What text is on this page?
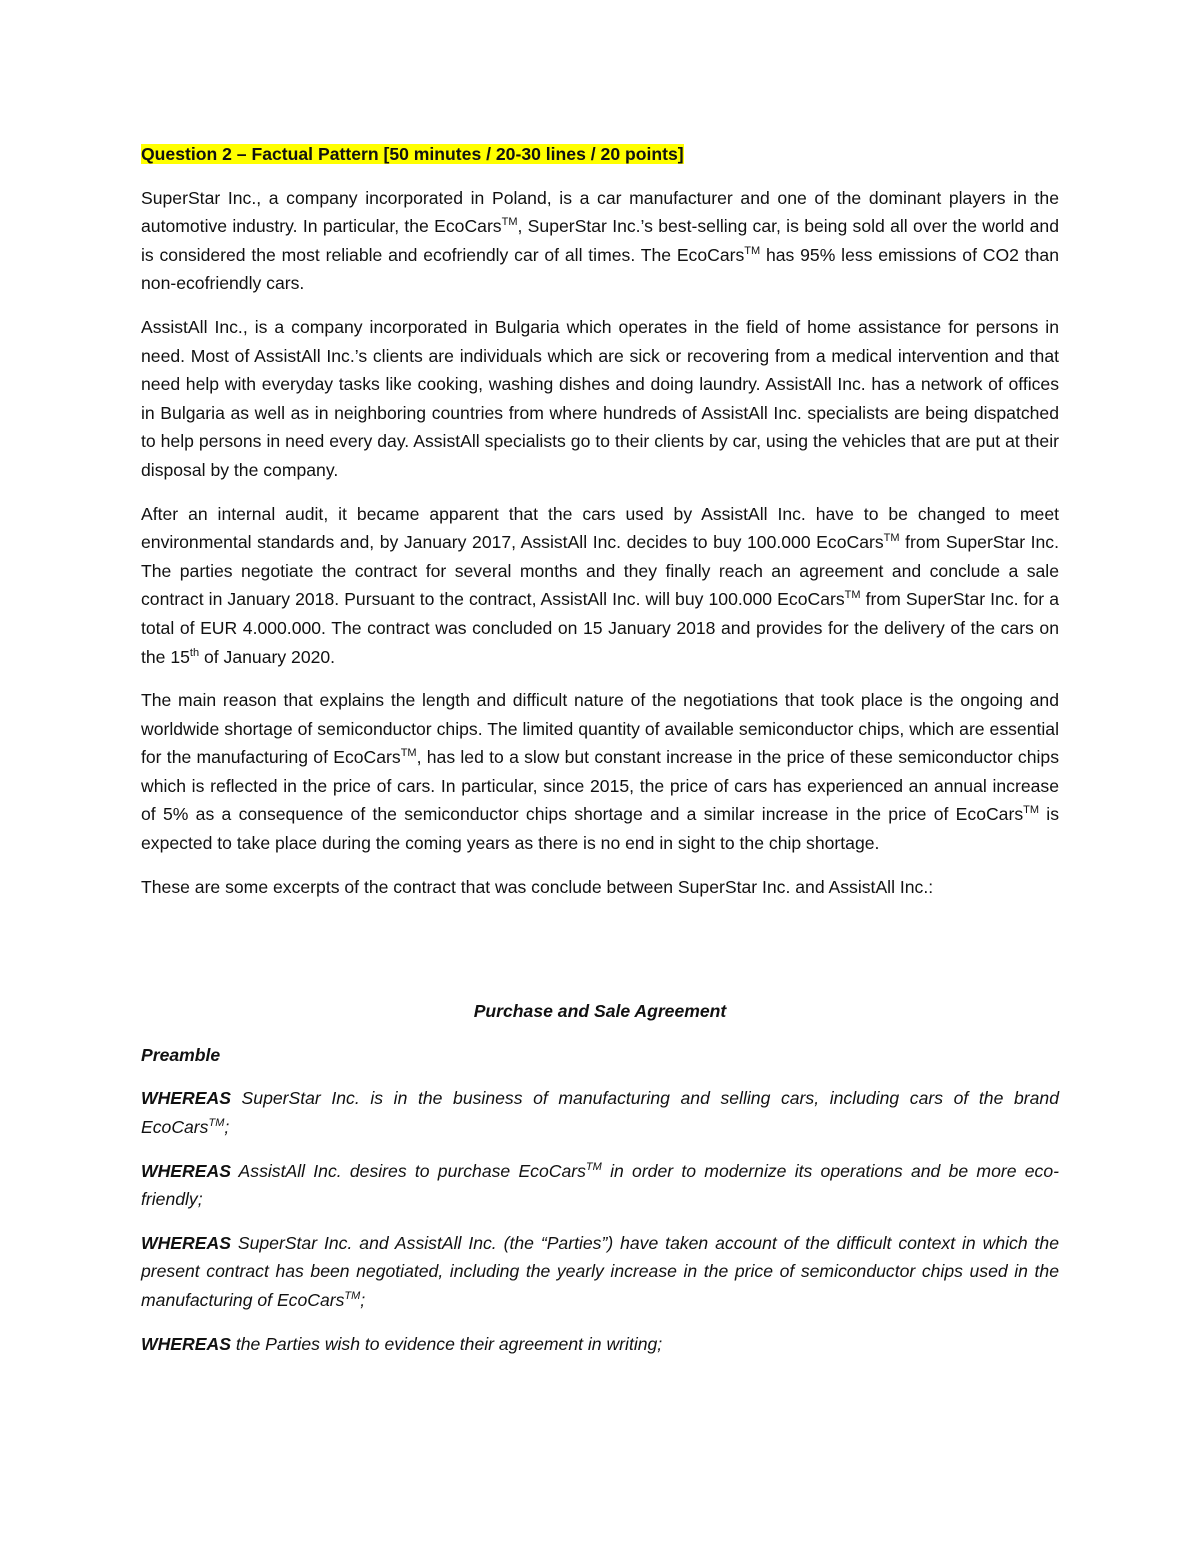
Question 2 – Factual Pattern [50 minutes / 20-30 lines / 20 points]

SuperStar Inc., a company incorporated in Poland, is a car manufacturer and one of the dominant players in the automotive industry. In particular, the EcoCars™, SuperStar Inc.’s best-selling car, is being sold all over the world and is considered the most reliable and ecofriendly car of all times. The EcoCars™ has 95% less emissions of CO2 than non-ecofriendly cars.

AssistAll Inc., is a company incorporated in Bulgaria which operates in the field of home assistance for persons in need. Most of AssistAll Inc.’s clients are individuals which are sick or recovering from a medical intervention and that need help with everyday tasks like cooking, washing dishes and doing laundry. AssistAll Inc. has a network of offices in Bulgaria as well as in neighboring countries from where hundreds of AssistAll Inc. specialists are being dispatched to help persons in need every day. AssistAll specialists go to their clients by car, using the vehicles that are put at their disposal by the company.

After an internal audit, it became apparent that the cars used by AssistAll Inc. have to be changed to meet environmental standards and, by January 2017, AssistAll Inc. decides to buy 100.000 EcoCars™ from SuperStar Inc. The parties negotiate the contract for several months and they finally reach an agreement and conclude a sale contract in January 2018. Pursuant to the contract, AssistAll Inc. will buy 100.000 EcoCars™ from SuperStar Inc. for a total of EUR 4.000.000. The contract was concluded on 15 January 2018 and provides for the delivery of the cars on the 15th of January 2020.

The main reason that explains the length and difficult nature of the negotiations that took place is the ongoing and worldwide shortage of semiconductor chips. The limited quantity of available semiconductor chips, which are essential for the manufacturing of EcoCars™, has led to a slow but constant increase in the price of these semiconductor chips which is reflected in the price of cars. In particular, since 2015, the price of cars has experienced an annual increase of 5% as a consequence of the semiconductor chips shortage and a similar increase in the price of EcoCars™ is expected to take place during the coming years as there is no end in sight to the chip shortage.

These are some excerpts of the contract that was conclude between SuperStar Inc. and AssistAll Inc.:

Purchase and Sale Agreement
Preamble

WHEREAS SuperStar Inc. is in the business of manufacturing and selling cars, including cars of the brand EcoCars™;

WHEREAS AssistAll Inc. desires to purchase EcoCars™ in order to modernize its operations and be more eco-friendly;

WHEREAS SuperStar Inc. and AssistAll Inc. (the “Parties”) have taken account of the difficult context in which the present contract has been negotiated, including the yearly increase in the price of semiconductor chips used in the manufacturing of EcoCars™;

WHEREAS the Parties wish to evidence their agreement in writing;
